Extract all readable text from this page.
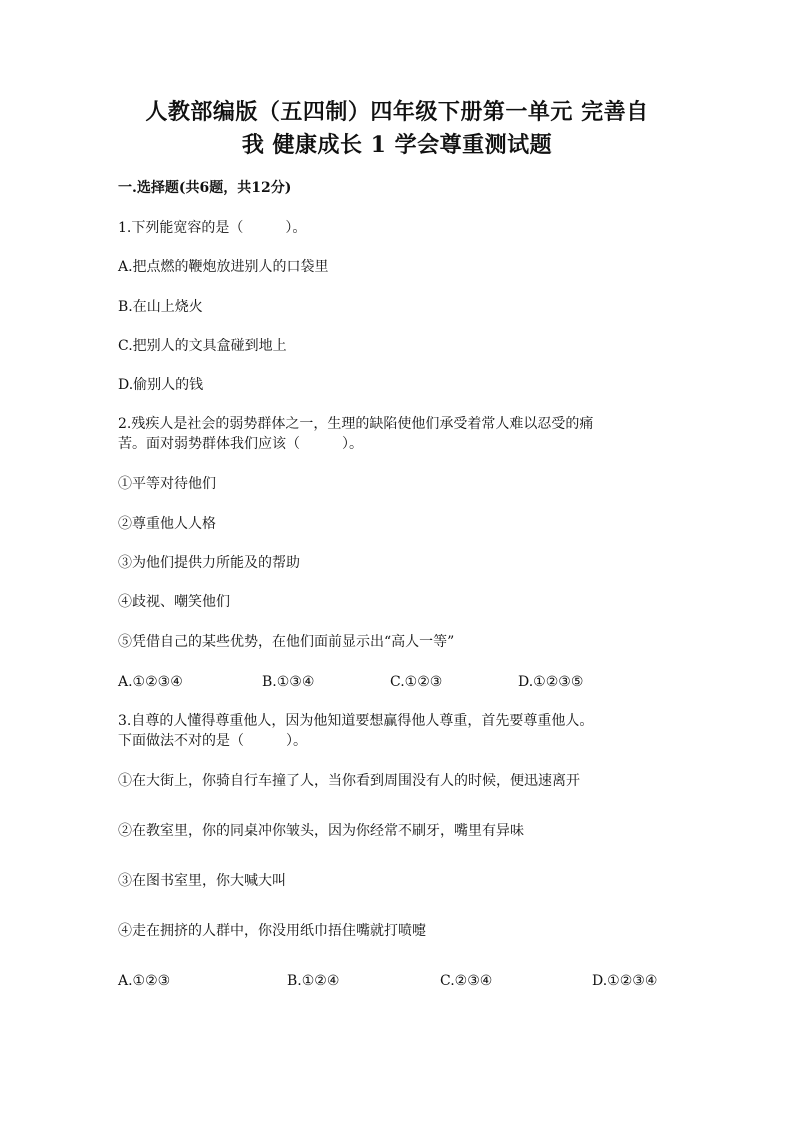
人教部编版（五四制）四年级下册第一单元 完善自
我 健康成长 1 学会尊重测试题
一.选择题(共6题，共12分)
1.下列能宽容的是（　　　）。
A.把点燃的鞭炮放进别人的口袋里
B.在山上烧火
C.把别人的文具盒碰到地上
D.偷别人的钱
2.残疾人是社会的弱势群体之一，生理的缺陷使他们承受着常人难以忍受的痛
苦。面对弱势群体我们应该（　　　）。
①平等对待他们
②尊重他人人格
③为他们提供力所能及的帮助
④歧视、嘲笑他们
⑤凭借自己的某些优势，在他们面前显示出“高人一等”
A.①②③④	B.①③④	C.①②③	D.①②③⑤
3.自尊的人懂得尊重他人，因为他知道要想赢得他人尊重，首先要尊重他人。
下面做法不对的是（　　　）。
①在大街上，你骑自行车撞了人，当你看到周围没有人的时候，便迅速离开
②在教室里，你的同桌冲你皱头，因为你经常不刷牙，嘴里有异味
③在图书室里，你大喊大叫
④走在拥挤的人群中，你没用纸巾捂住嘴就打喷嚏
A.①②③	B.①②④	C.②③④	D.①②③④
